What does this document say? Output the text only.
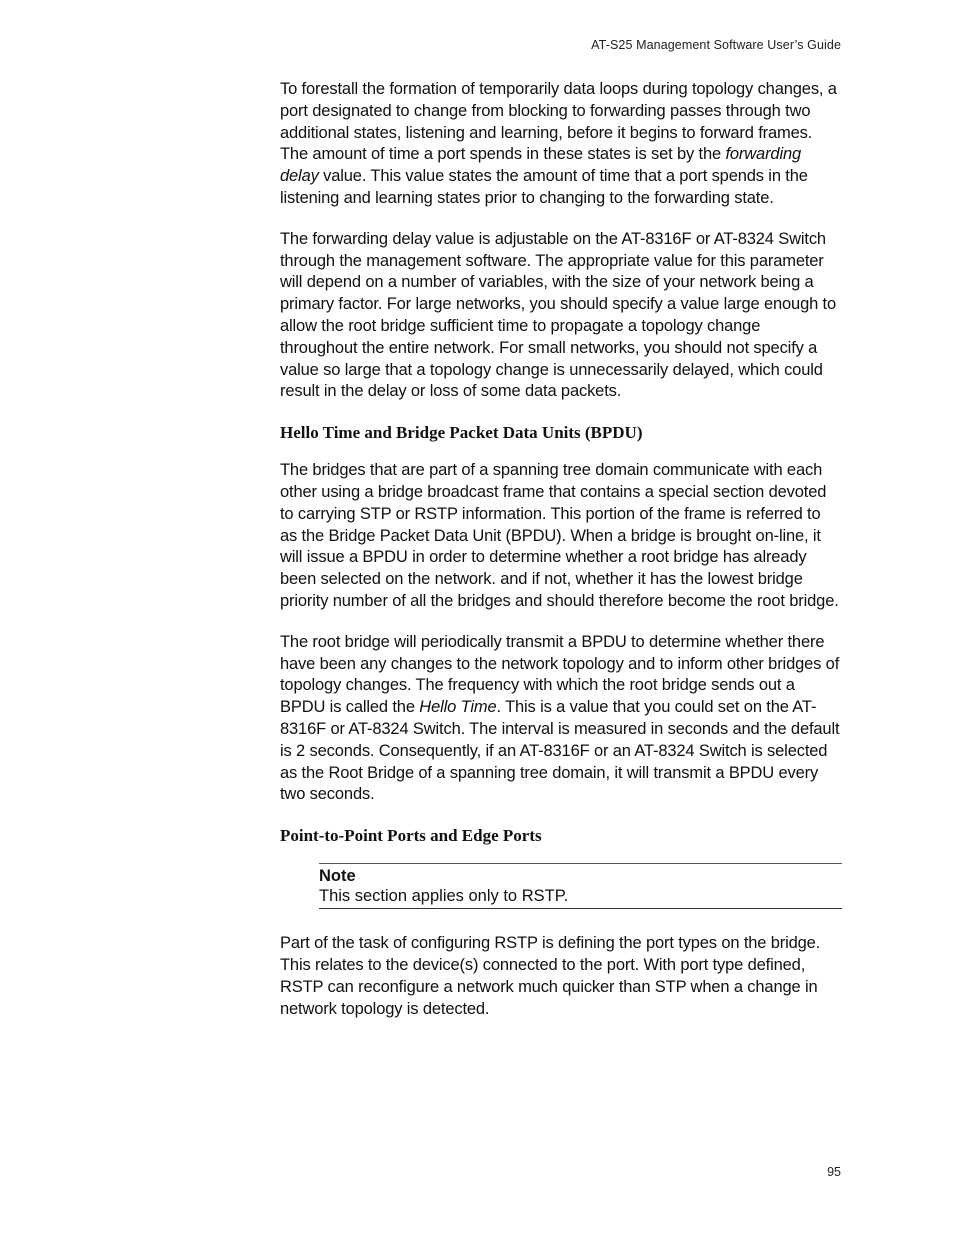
AT-S25 Management Software User’s Guide

To forestall the formation of temporarily data loops during topology changes, a port designated to change from blocking to forwarding passes through two additional states, listening and learning, before it begins to forward frames. The amount of time a port spends in these states is set by the forwarding delay value. This value states the amount of time that a port spends in the listening and learning states prior to changing to the forwarding state.

The forwarding delay value is adjustable on the AT-8316F or AT-8324 Switch through the management software. The appropriate value for this parameter will depend on a number of variables, with the size of your network being a primary factor. For large networks, you should specify a value large enough to allow the root bridge sufficient time to propagate a topology change throughout the entire network. For small networks, you should not specify a value so large that a topology change is unnecessarily delayed, which could result in the delay or loss of some data packets.

Hello Time and Bridge Packet Data Units (BPDU)

The bridges that are part of a spanning tree domain communicate with each other using a bridge broadcast frame that contains a special section devoted to carrying STP or RSTP information. This portion of the frame is referred to as the Bridge Packet Data Unit (BPDU). When a bridge is brought on-line, it will issue a BPDU in order to determine whether a root bridge has already been selected on the network. and if not, whether it has the lowest bridge priority number of all the bridges and should therefore become the root bridge.

The root bridge will periodically transmit a BPDU to determine whether there have been any changes to the network topology and to inform other bridges of topology changes. The frequency with which the root bridge sends out a BPDU is called the Hello Time. This is a value that you could set on the AT-8316F or AT-8324 Switch. The interval is measured in seconds and the default is 2 seconds. Consequently, if an AT-8316F or an AT-8324 Switch is selected as the Root Bridge of a spanning tree domain, it will transmit a BPDU every two seconds.

Point-to-Point Ports and Edge Ports
Note
This section applies only to RSTP.

Part of the task of configuring RSTP is defining the port types on the bridge. This relates to the device(s) connected to the port. With port type defined, RSTP can reconfigure a network much quicker than STP when a change in network topology is detected.

95
